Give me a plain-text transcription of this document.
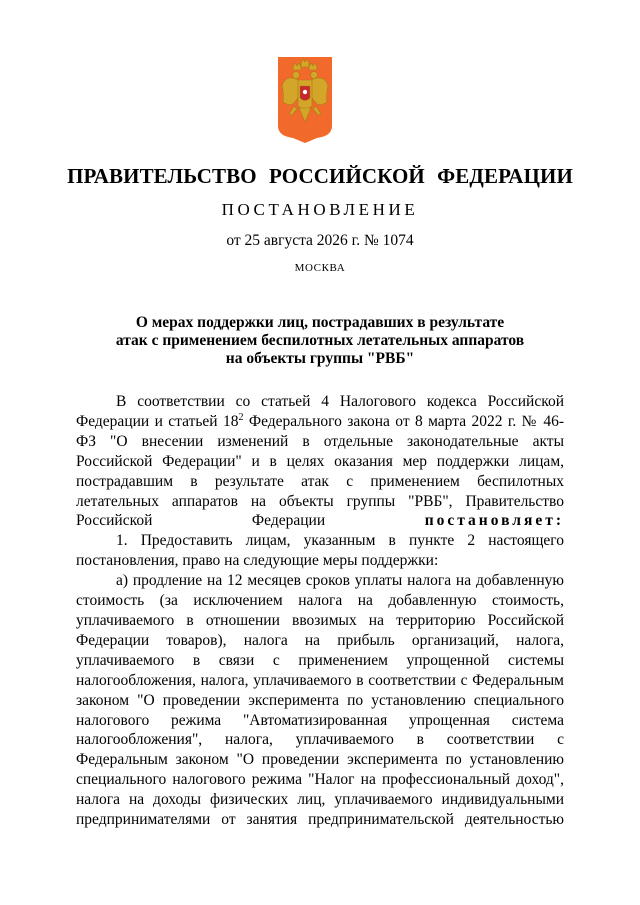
ПРАВИТЕЛЬСТВО РОССИЙСКОЙ ФЕДЕРАЦИИ
ПОСТАНОВЛЕНИЕ
от 25 августа 2026 г. № 1074
МОСКВА
О мерах поддержки лиц, пострадавших в результате
атак с применением беспилотных летательных аппаратов
на объекты группы "РВБ"

В соответствии со статьей 4 Налогового кодекса Российской Федерации и статьей $18^2$ Федерального закона от 8 марта 2022 г. № 46-ФЗ "О внесении изменений в отдельные законодательные акты Российской Федерации" и в целях оказания мер поддержки лицам, пострадавшим в результате атак с применением беспилотных летательных аппаратов на объекты группы "РВБ", Правительство Российской Федерации	постановляет:

1. Предоставить лицам, указанным в пункте 2 настоящего постановления, право на следующие меры поддержки:

а) продление на 12 месяцев сроков уплаты налога на добавленную стоимость (за исключением налога на добавленную стоимость, уплачиваемого в отношении ввозимых на территорию Российской Федерации товаров), налога на прибыль организаций, налога, уплачиваемого в связи с применением упрощенной системы налогообложения, налога, уплачиваемого в соответствии с Федеральным законом "О проведении эксперимента по установлению специального налогового режима "Автоматизированная упрощенная система налогообложения", налога, уплачиваемого в соответствии с Федеральным законом "О проведении эксперимента по установлению специального налогового режима "Налог на профессиональный доход", налога на доходы физических лиц, уплачиваемого индивидуальными предпринимателями от занятия предпринимательской деятельностью
